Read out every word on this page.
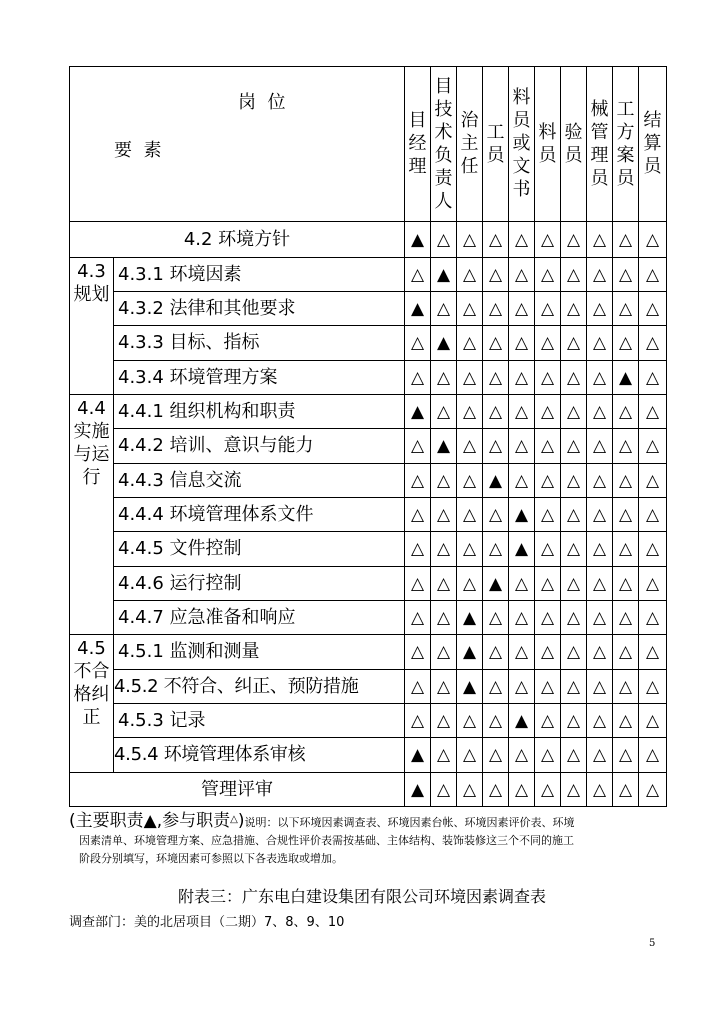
岗  位
要  素		目经理	目技术负责人	治主任	工员	料员或文书	料员	验员	械管理员	工方案员	结算员
4.2 环境方针		▲	△	△	△	△	△	△	△	△	△
4.3规划	4.3.1 环境因素	△	▲	△	△	△	△	△	△	△	△
	4.3.2 法律和其他要求	▲	△	△	△	△	△	△	△	△	△
	4.3.3 目标、指标	△	▲	△	△	△	△	△	△	△	△
	4.3.4 环境管理方案	△	△	△	△	△	△	△	△	▲	△
4.4实施与运行	4.4.1 组织机构和职责	▲	△	△	△	△	△	△	△	△	△
	4.4.2 培训、意识与能力	△	▲	△	△	△	△	△	△	△	△
	4.4.3 信息交流	△	△	△	▲	△	△	△	△	△	△
	4.4.4 环境管理体系文件	△	△	△	△	▲	△	△	△	△	△
	4.4.5 文件控制	△	△	△	△	▲	△	△	△	△	△
	4.4.6 运行控制	△	△	△	▲	△	△	△	△	△	△
	4.4.7 应急准备和响应	△	△	▲	△	△	△	△	△	△	△
4.5不合格纠正	4.5.1 监测和测量	△	△	▲	△	△	△	△	△	△	△
	4.5.2 不符合、纠正、预防措施	△	△	▲	△	△	△	△	△	△	△
	4.5.3 记录	△	△	△	△	▲	△	△	△	△	△
	4.5.4 环境管理体系审核	▲	△	△	△	△	△	△	△	△	△
管理评审		▲	△	△	△	△	△	△	△	△	△
(主要职责▲,参与职责△)说明：以下环境因素调查表、环境因素台帐、环境因素评价表、环境
因素清单、环境管理方案、应急措施、合规性评价表需按基础、主体结构、装饰装修这三个不同的施工
阶段分别填写，环境因素可参照以下各表选取或增加。
附表三：广东电白建设集团有限公司环境因素调查表
调查部门：美的北居项目（二期）7、8、9、10
5
